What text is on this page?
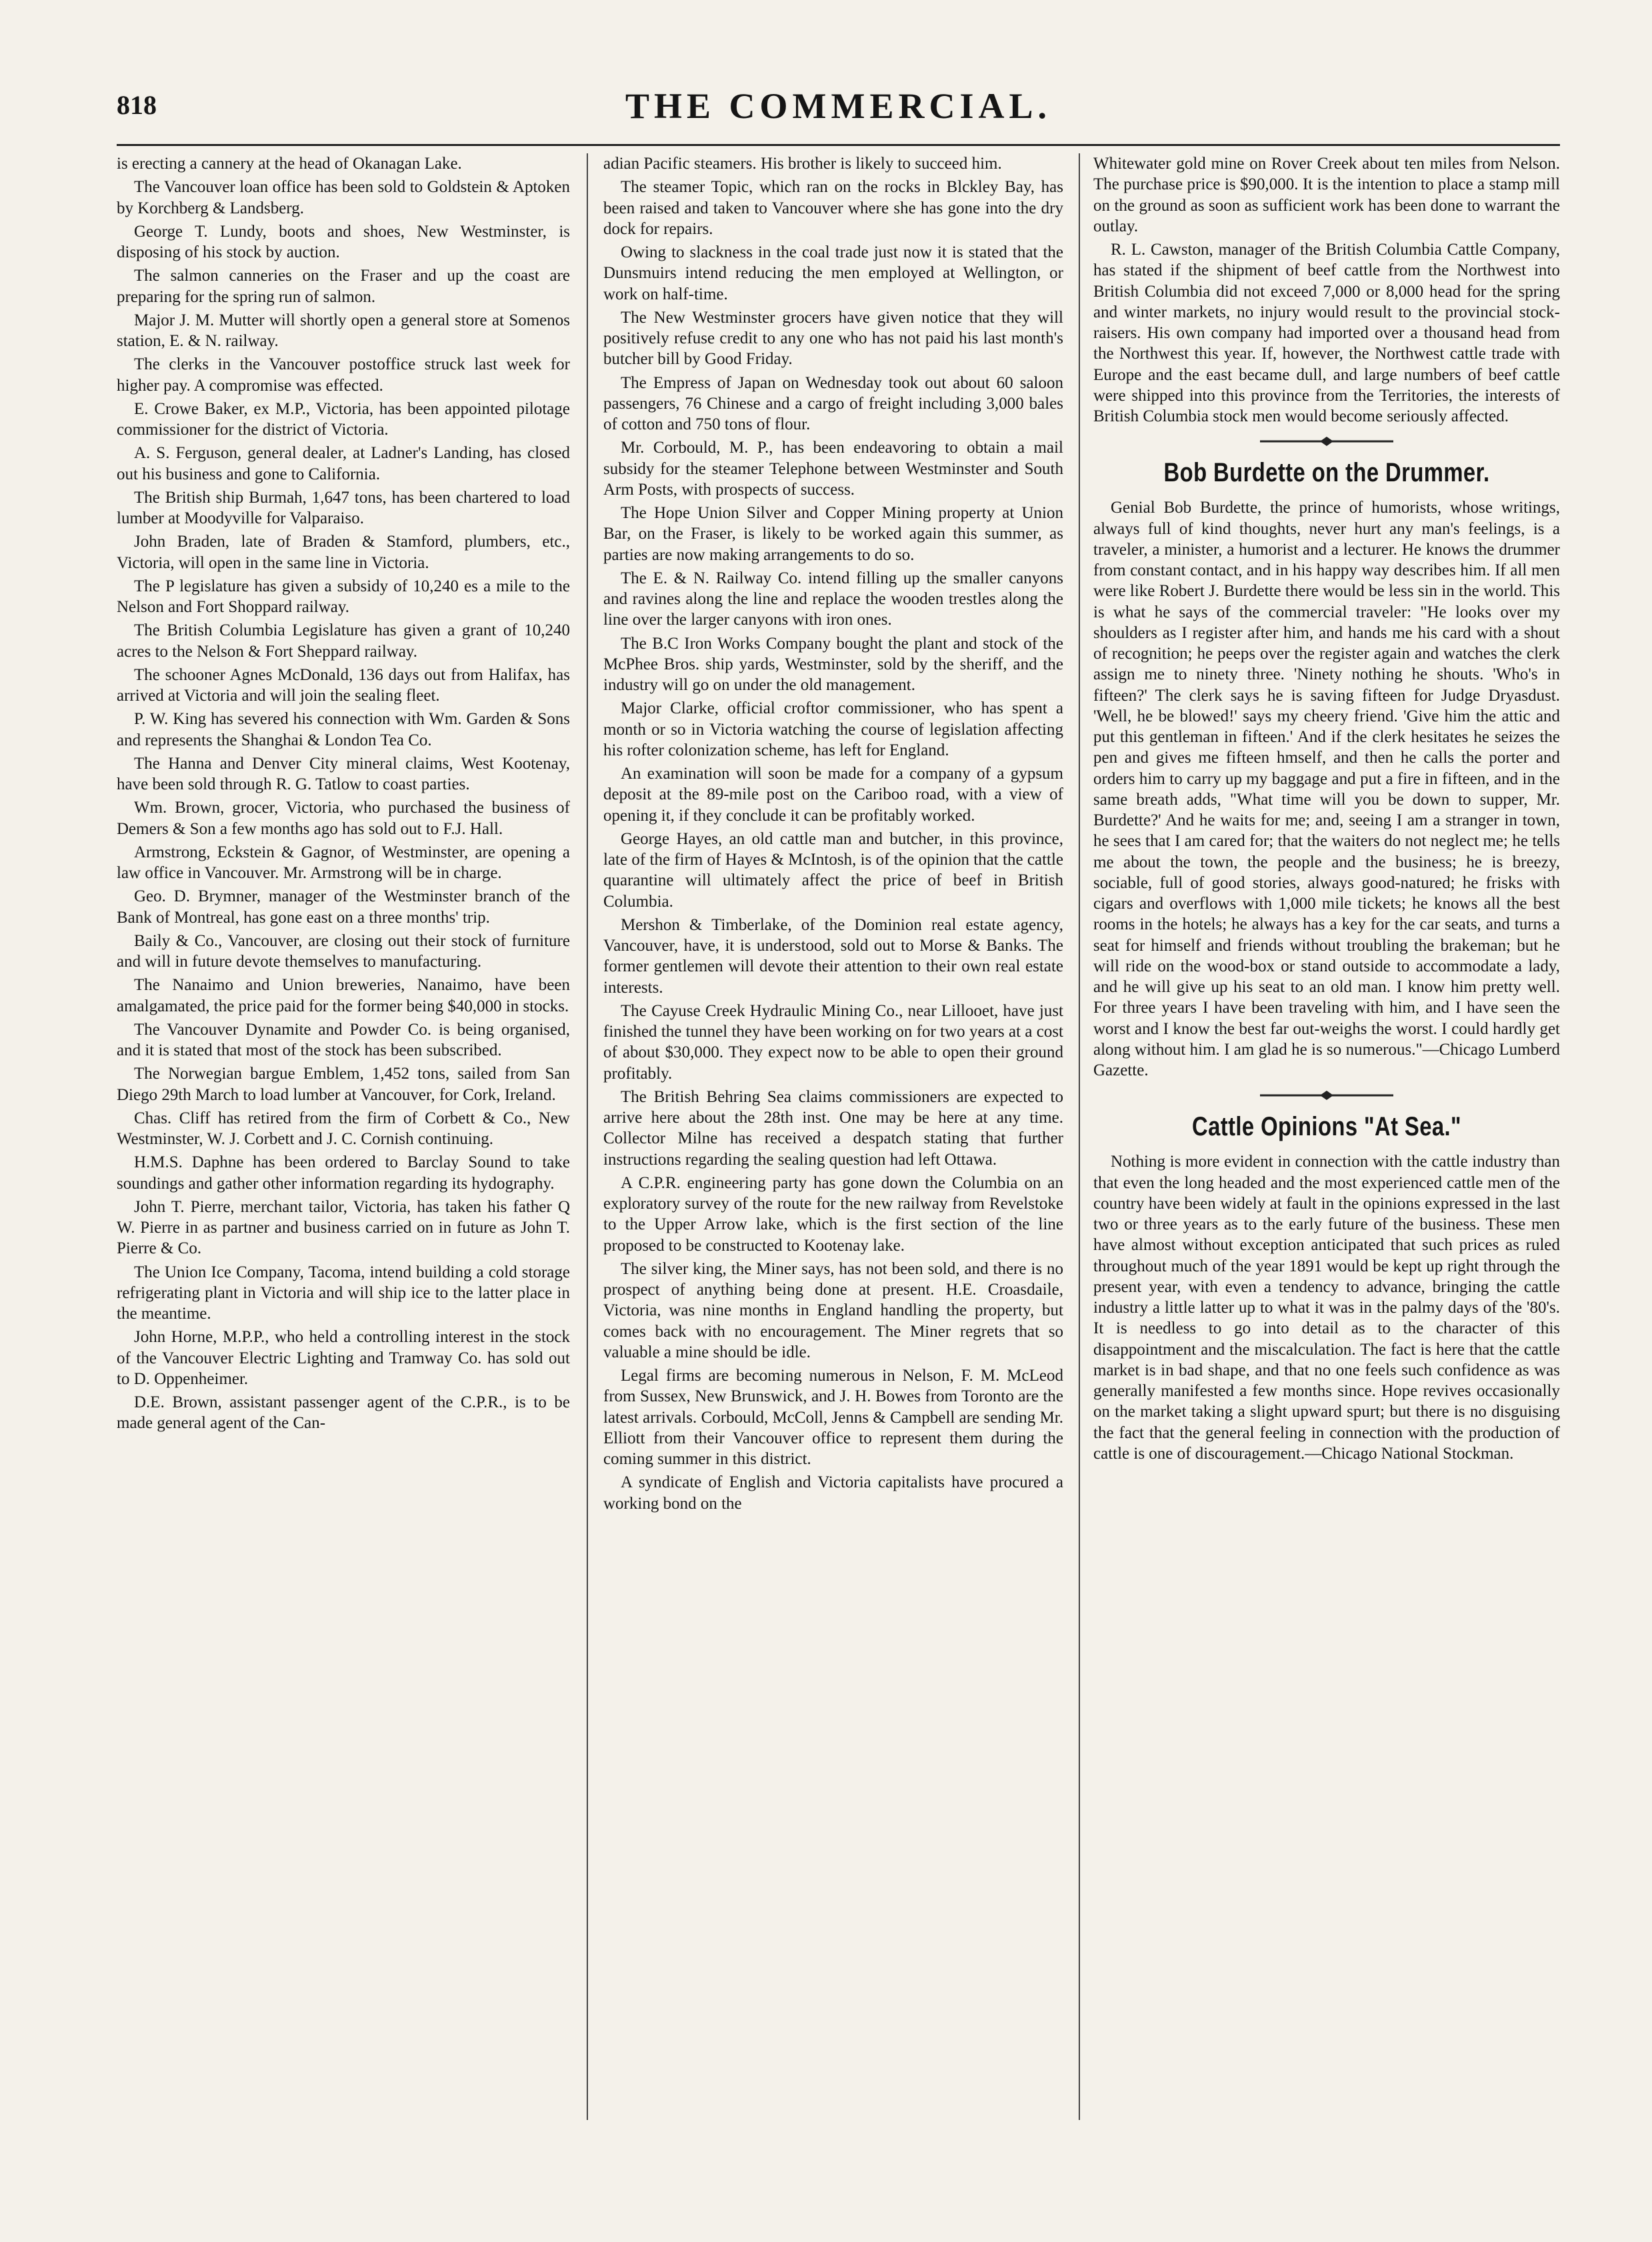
818	THE COMMERCIAL.

is erecting a cannery at the head of Okanagan Lake.

The Vancouver loan office has been sold to Goldstein & Aptoken by Korchberg & Landsberg.

George T. Lundy, boots and shoes, New Westminster, is disposing of his stock by auction.

The salmon canneries on the Fraser and up the coast are preparing for the spring run of salmon.

Major J. M. Mutter will shortly open a general store at Somenos station, E. & N. railway.

The clerks in the Vancouver postoffice struck last week for higher pay. A compromise was effected.

E. Crowe Baker, ex M.P., Victoria, has been appointed pilotage commissioner for the district of Victoria.

A. S. Ferguson, general dealer, at Ladner's Landing, has closed out his business and gone to California.

The British ship Burmah, 1,647 tons, has been chartered to load lumber at Moodyville for Valparaiso.

John Braden, late of Braden & Stamford, plumbers, etc., Victoria, will open in the same line in Victoria.

The P legislature has given a subsidy of 10,240 es a mile to the Nelson and Fort Shoppard railway.

The British Columbia Legislature has given a grant of 10,240 acres to the Nelson & Fort Sheppard railway.

The schooner Agnes McDonald, 136 days out from Halifax, has arrived at Victoria and will join the sealing fleet.

P. W. King has severed his connection with Wm. Garden & Sons and represents the Shanghai & London Tea Co.

The Hanna and Denver City mineral claims, West Kootenay, have been sold through R. G. Tatlow to coast parties.

Wm. Brown, grocer, Victoria, who purchased the business of Demers & Son a few months ago has sold out to F.J. Hall.

Armstrong, Eckstein & Gagnor, of Westminster, are opening a law office in Vancouver. Mr. Armstrong will be in charge.

Geo. D. Brymner, manager of the Westminster branch of the Bank of Montreal, has gone east on a three months' trip.

Baily & Co., Vancouver, are closing out their stock of furniture and will in future devote themselves to manufacturing.

The Nanaimo and Union breweries, Nanaimo, have been amalgamated, the price paid for the former being $40,000 in stocks.

The Vancouver Dynamite and Powder Co. is being organised, and it is stated that most of the stock has been subscribed.

The Norwegian bargue Emblem, 1,452 tons, sailed from San Diego 29th March to load lumber at Vancouver, for Cork, Ireland.

Chas. Cliff has retired from the firm of Corbett & Co., New Westminster, W. J. Corbett and J. C. Cornish continuing.

H.M.S. Daphne has been ordered to Barclay Sound to take soundings and gather other information regarding its hydography.

John T. Pierre, merchant tailor, Victoria, has taken his father Q W. Pierre in as partner and business carried on in future as John T. Pierre & Co.

The Union Ice Company, Tacoma, intend building a cold storage refrigerating plant in Victoria and will ship ice to the latter place in the meantime.

John Horne, M.P.P., who held a controlling interest in the stock of the Vancouver Electric Lighting and Tramway Co. has sold out to D. Oppenheimer.

D.E. Brown, assistant passenger agent of the C.P.R., is to be made general agent of the Can-

adian Pacific steamers. His brother is likely to succeed him.

The steamer Topic, which ran on the rocks in Blckley Bay, has been raised and taken to Vancouver where she has gone into the dry dock for repairs.

Owing to slackness in the coal trade just now it is stated that the Dunsmuirs intend reducing the men employed at Wellington, or work on half-time.

The New Westminster grocers have given notice that they will positively refuse credit to any one who has not paid his last month's butcher bill by Good Friday.

The Empress of Japan on Wednesday took out about 60 saloon passengers, 76 Chinese and a cargo of freight including 3,000 bales of cotton and 750 tons of flour.

Mr. Corbould, M. P., has been endeavoring to obtain a mail subsidy for the steamer Telephone between Westminster and South Arm Posts, with prospects of success.

The Hope Union Silver and Copper Mining property at Union Bar, on the Fraser, is likely to be worked again this summer, as parties are now making arrangements to do so.

The E. & N. Railway Co. intend filling up the smaller canyons and ravines along the line and replace the wooden trestles along the line over the larger canyons with iron ones.

The B.C Iron Works Company bought the plant and stock of the McPhee Bros. ship yards, Westminster, sold by the sheriff, and the industry will go on under the old management.

Major Clarke, official croftor commissioner, who has spent a month or so in Victoria watching the course of legislation affecting his rofter colonization scheme, has left for England.

An examination will soon be made for a company of a gypsum deposit at the 89-mile post on the Cariboo road, with a view of opening it, if they conclude it can be profitably worked.

George Hayes, an old cattle man and butcher, in this province, late of the firm of Hayes & McIntosh, is of the opinion that the cattle quarantine will ultimately affect the price of beef in British Columbia.

Mershon & Timberlake, of the Dominion real estate agency, Vancouver, have, it is understood, sold out to Morse & Banks. The former gentlemen will devote their attention to their own real estate interests.

The Cayuse Creek Hydraulic Mining Co., near Lillooet, have just finished the tunnel they have been working on for two years at a cost of about $30,000. They expect now to be able to open their ground profitably.

The British Behring Sea claims commissioners are expected to arrive here about the 28th inst. One may be here at any time. Collector Milne has received a despatch stating that further instructions regarding the sealing question had left Ottawa.

A C.P.R. engineering party has gone down the Columbia on an exploratory survey of the route for the new railway from Revelstoke to the Upper Arrow lake, which is the first section of the line proposed to be constructed to Kootenay lake.

The silver king, the Miner says, has not been sold, and there is no prospect of anything being done at present. H.E. Croasdaile, Victoria, was nine months in England handling the property, but comes back with no encouragement. The Miner regrets that so valuable a mine should be idle.

Legal firms are becoming numerous in Nelson, F. M. McLeod from Sussex, New Brunswick, and J. H. Bowes from Toronto are the latest arrivals. Corbould, McColl, Jenns & Campbell are sending Mr. Elliott from their Vancouver office to represent them during the coming summer in this district.

A syndicate of English and Victoria capitalists have procured a working bond on the

Whitewater gold mine on Rover Creek about ten miles from Nelson. The purchase price is $90,000. It is the intention to place a stamp mill on the ground as soon as sufficient work has been done to warrant the outlay.

R. L. Cawston, manager of the British Columbia Cattle Company, has stated if the shipment of beef cattle from the Northwest into British Columbia did not exceed 7,000 or 8,000 head for the spring and winter markets, no injury would result to the provincial stock-raisers. His own company had imported over a thousand head from the Northwest this year. If, however, the Northwest cattle trade with Europe and the east became dull, and large numbers of beef cattle were shipped into this province from the Territories, the interests of British Columbia stock men would become seriously affected.

Bob Burdette on the Drummer.

Genial Bob Burdette, the prince of humorists, whose writings, always full of kind thoughts, never hurt any man's feelings, is a traveler, a minister, a humorist and a lecturer. He knows the drummer from constant contact, and in his happy way describes him. If all men were like Robert J. Burdette there would be less sin in the world. This is what he says of the commercial traveler: "He looks over my shoulders as I register after him, and hands me his card with a shout of recognition; he peeps over the register again and watches the clerk assign me to ninety three. 'Ninety nothing he shouts. 'Who's in fifteen?' The clerk says he is saving fifteen for Judge Dryasdust. 'Well, he be blowed!' says my cheery friend. 'Give him the attic and put this gentleman in fifteen.' And if the clerk hesitates he seizes the pen and gives me fifteen hmself, and then he calls the porter and orders him to carry up my baggage and put a fire in fifteen, and in the same breath adds, "What time will you be down to supper, Mr. Burdette?' And he waits for me; and, seeing I am a stranger in town, he sees that I am cared for; that the waiters do not neglect me; he tells me about the town, the people and the business; he is breezy, sociable, full of good stories, always good-natured; he frisks with cigars and overflows with 1,000 mile tickets; he knows all the best rooms in the hotels; he always has a key for the car seats, and turns a seat for himself and friends without troubling the brakeman; but he will ride on the wood-box or stand outside to accommodate a lady, and he will give up his seat to an old man. I know him pretty well. For three years I have been traveling with him, and I have seen the worst and I know the best far out-weighs the worst. I could hardly get along without him. I am glad he is so numerous."—Chicago Lumberd Gazette.

Cattle Opinions "At Sea."

Nothing is more evident in connection with the cattle industry than that even the long headed and the most experienced cattle men of the country have been widely at fault in the opinions expressed in the last two or three years as to the early future of the business. These men have almost without exception anticipated that such prices as ruled throughout much of the year 1891 would be kept up right through the present year, with even a tendency to advance, bringing the cattle industry a little latter up to what it was in the palmy days of the '80's. It is needless to go into detail as to the character of this disappointment and the miscalculation. The fact is here that the cattle market is in bad shape, and that no one feels such confidence as was generally manifested a few months since. Hope revives occasionally on the market taking a slight upward spurt; but there is no disguising the fact that the general feeling in connection with the production of cattle is one of discouragement.—Chicago National Stockman.
